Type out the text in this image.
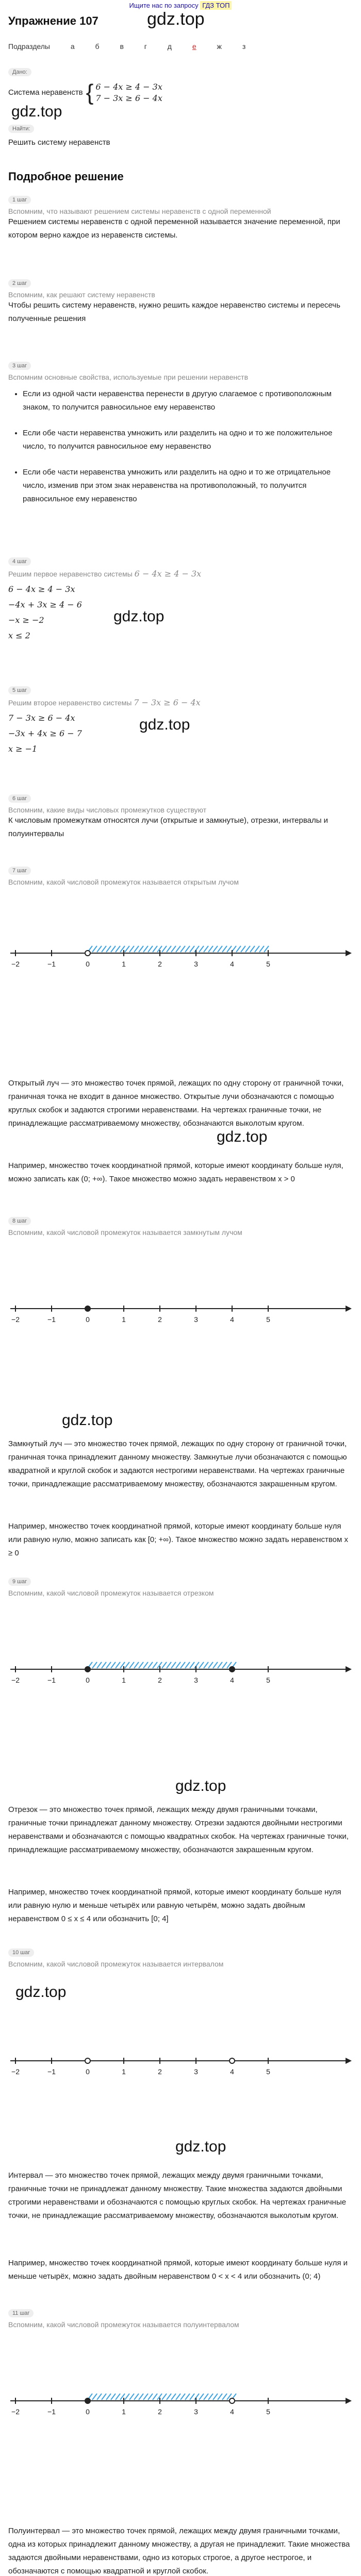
Ищите нас по запросу ГДЗ ТОП
Упражнение 107	gdz.top
Подразделы	а	б	в	г	д	е	ж	з
Дано:
Система неравенств { 6 − 4x ≥ 4 − 3x
7 − 3x ≥ 6 − 4x
gdz.top
Найти:
Решить систему неравенств
Подробное решение
1 шаг
Вспомним, что называют решением системы неравенств с одной переменной
Решением системы неравенств с одной переменной называется значение переменной, при котором верно каждое из неравенств системы.
2 шаг
Вспомним, как решают систему неравенств
Чтобы решить систему неравенств, нужно решить каждое неравенство системы и пересечь полученные решения
3 шаг
Вспомним основные свойства, используемые при решении неравенств
• Если из одной части неравенства перенести в другую слагаемое с противоположным знаком, то получится равносильное ему неравенство
• Если обе части неравенства умножить или разделить на одно и то же положительное число, то получится равносильное ему неравенство
• Если обе части неравенства умножить или разделить на одно и то же отрицательное число, изменив при этом знак неравенства на противоположный, то получится равносильное ему неравенство
4 шаг
Решим первое неравенство системы 6 − 4x ≥ 4 − 3x
6 − 4x ≥ 4 − 3x
−4x + 3x ≥ 4 − 6
−x ≥ −2
x ≤ 2
gdz.top
5 шаг
Решим второе неравенство системы 7 − 3x ≥ 6 − 4x
7 − 3x ≥ 6 − 4x
−3x + 4x ≥ 6 − 7
x ≥ −1
gdz.top
6 шаг
Вспомним, какие виды числовых промежутков существуют
К числовым промежуткам относятся лучи (открытые и замкнутые), отрезки, интервалы и полуинтервалы
7 шаг
Вспомним, какой числовой промежуток называется открытым лучом
−2	−1	0	1	2	3	4	5
Открытый луч — это множество точек прямой, лежащих по одну сторону от граничной точки, граничная точка не входит в данное множество. Открытые лучи обозначаются с помощью круглых скобок и задаются строгими неравенствами. На чертежах граничные точки, не принадлежащие рассматриваемому множеству, обозначаются выколотым кругом.
Например, множество точек координатной прямой, которые имеют координату больше нуля, можно записать как (0; +∞). Такое множество можно задать неравенством x > 0
gdz.top
8 шаг
Вспомним, какой числовой промежуток называется замкнутым лучом
−2	−1	0	1	2	3	4	5
gdz.top
Замкнутый луч — это множество точек прямой, лежащих по одну сторону от граничной точки, граничная точка принадлежит данному множеству. Замкнутые лучи обозначаются с помощью квадратной и круглой скобок и задаются нестрогими неравенствами. На чертежах граничные точки, принадлежащие рассматриваемому множеству, обозначаются закрашенным кругом.
Например, множество точек координатной прямой, которые имеют координату больше нуля или равную нулю, можно записать как [0; +∞). Такое множество можно задать неравенством x ≥ 0
9 шаг
Вспомним, какой числовой промежуток называется отрезком
−2	−1	0	1	2	3	4	5
gdz.top
Отрезок — это множество точек прямой, лежащих между двумя граничными точками, граничные точки принадлежат данному множеству. Отрезки задаются двойными нестрогими неравенствами и обозначаются с помощью квадратных скобок. На чертежах граничные точки, принадлежащие рассматриваемому множеству, обозначаются закрашенным кругом.
Например, множество точек координатной прямой, которые имеют координату больше нуля или равную нулю и меньше четырёх или равную четырём, можно задать двойным неравенством 0 ≤ x ≤ 4 или обозначить [0; 4]
10 шаг
Вспомним, какой числовой промежуток называется интервалом
gdz.top
−2	−1	0	1	2	3	4	5
gdz.top
Интервал — это множество точек прямой, лежащих между двумя граничными точками, граничные точки не принадлежат данному множеству. Такие множества задаются двойными строгими неравенствами и обозначаются с помощью круглых скобок. На чертежах граничные точки, не принадлежащие рассматриваемому множеству, обозначаются выколотым кругом.
Например, множество точек координатной прямой, которые имеют координату больше нуля и меньше четырёх, можно задать двойным неравенством 0 < x < 4 или обозначить (0; 4)
11 шаг
Вспомним, какой числовой промежуток называется полуинтервалом
−2	−1	0	1	2	3	4	5
Полуинтервал — это множество точек прямой, лежащих между двумя граничными точками, одна из которых принадлежит данному множеству, а другая не принадлежит. Такие множества задаются двойными неравенствами, одно из которых строгое, а другое нестрогое, и обозначаются с помощью квадратной и круглой скобок.
